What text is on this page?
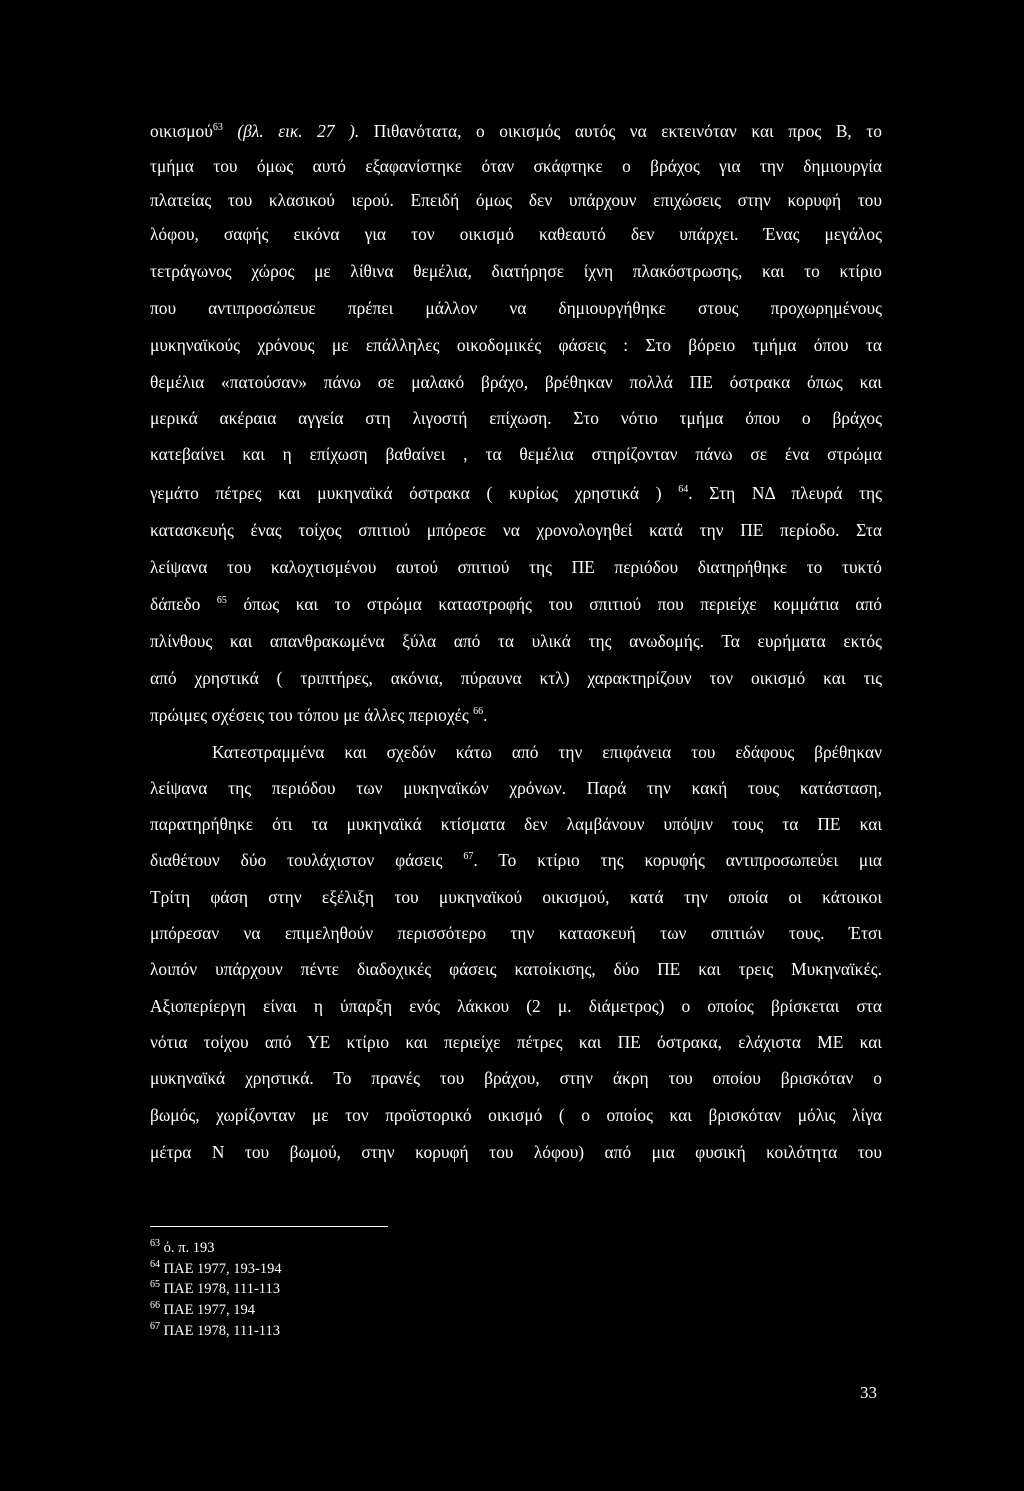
οικισμού$^{63}$ (βλ. εικ. 27 ). Πιθανότατα, ο οικισμός αυτός να εκτεινόταν και προς Β, το
τμήμα του όμως αυτό εξαφανίστηκε όταν σκάφτηκε ο βράχος για την δημιουργία
πλατείας του κλασικού ιερού. Επειδή όμως δεν υπάρχουν επιχώσεις στην κορυφή του
λόφου, σαφής εικόνα για τον οικισμό καθεαυτό δεν υπάρχει. Ένας μεγάλος
τετράγωνος χώρος με λίθινα θεμέλια, διατήρησε ίχνη πλακόστρωσης, και το κτίριο
που αντιπροσώπευε πρέπει μάλλον να δημιουργήθηκε στους προχωρημένους
μυκηναϊκούς χρόνους με επάλληλες οικοδομικές φάσεις : Στο βόρειο τμήμα όπου τα
θεμέλια «πατούσαν» πάνω σε μαλακό βράχο, βρέθηκαν πολλά ΠΕ όστρακα όπως και
μερικά ακέραια αγγεία στη λιγοστή επίχωση. Στο νότιο τμήμα όπου ο βράχος
κατεβαίνει και η επίχωση βαθαίνει , τα θεμέλια στηρίζονταν πάνω σε ένα στρώμα
γεμάτο πέτρες και μυκηναϊκά όστρακα ( κυρίως χρηστικά ) $^{64}$. Στη ΝΔ πλευρά της
κατασκευής ένας τοίχος σπιτιού μπόρεσε να χρονολογηθεί κατά την ΠΕ περίοδο. Στα
λείψανα του καλοχτισμένου αυτού σπιτιού της ΠΕ περιόδου διατηρήθηκε το τυκτό
δάπεδο $^{65}$ όπως και το στρώμα καταστροφής του σπιτιού που περιείχε κομμάτια από
πλίνθους και απανθρακωμένα ξύλα από τα υλικά της ανωδομής. Τα ευρήματα εκτός
από χρηστικά ( τριπτήρες, ακόνια, πύραυνα κτλ) χαρακτηρίζουν τον οικισμό και τις
πρώιμες σχέσεις του τόπου με άλλες περιοχές $^{66}$.
Κατεστραμμένα και σχεδόν κάτω από την επιφάνεια του εδάφους βρέθηκαν
λείψανα της περιόδου των μυκηναϊκών χρόνων. Παρά την κακή τους κατάσταση,
παρατηρήθηκε ότι τα μυκηναϊκά κτίσματα δεν λαμβάνουν υπόψιν τους τα ΠΕ και
διαθέτουν δύο τουλάχιστον φάσεις $^{67}$. Το κτίριο της κορυφής αντιπροσωπεύει μια
Τρίτη φάση στην εξέλιξη του μυκηναϊκού οικισμού, κατά την οποία οι κάτοικοι
μπόρεσαν να επιμεληθούν περισσότερο την κατασκευή των σπιτιών τους. Έτσι
λοιπόν υπάρχουν πέντε διαδοχικές φάσεις κατοίκισης, δύο ΠΕ και τρεις Μυκηναϊκές.
Αξιοπερίεργη είναι η ύπαρξη ενός λάκκου (2 μ. διάμετρος) ο οποίος βρίσκεται στα
νότια τοίχου από ΥΕ κτίριο και περιείχε πέτρες και ΠΕ όστρακα, ελάχιστα ΜΕ και
μυκηναϊκά χρηστικά. Το πρανές του βράχου, στην άκρη του οποίου βρισκόταν ο
βωμός, χωρίζονταν με τον προϊστορικό οικισμό ( ο οποίος και βρισκόταν μόλις λίγα
μέτρα Ν του βωμού, στην κορυφή του λόφου) από μια φυσική κοιλότητα του
$^{63}$ ό. π. 193
$^{64}$ ΠΑΕ 1977, 193-194
$^{65}$ ΠΑΕ 1978, 111-113
$^{66}$ ΠΑΕ 1977, 194
$^{67}$ ΠΑΕ 1978, 111-113
33
